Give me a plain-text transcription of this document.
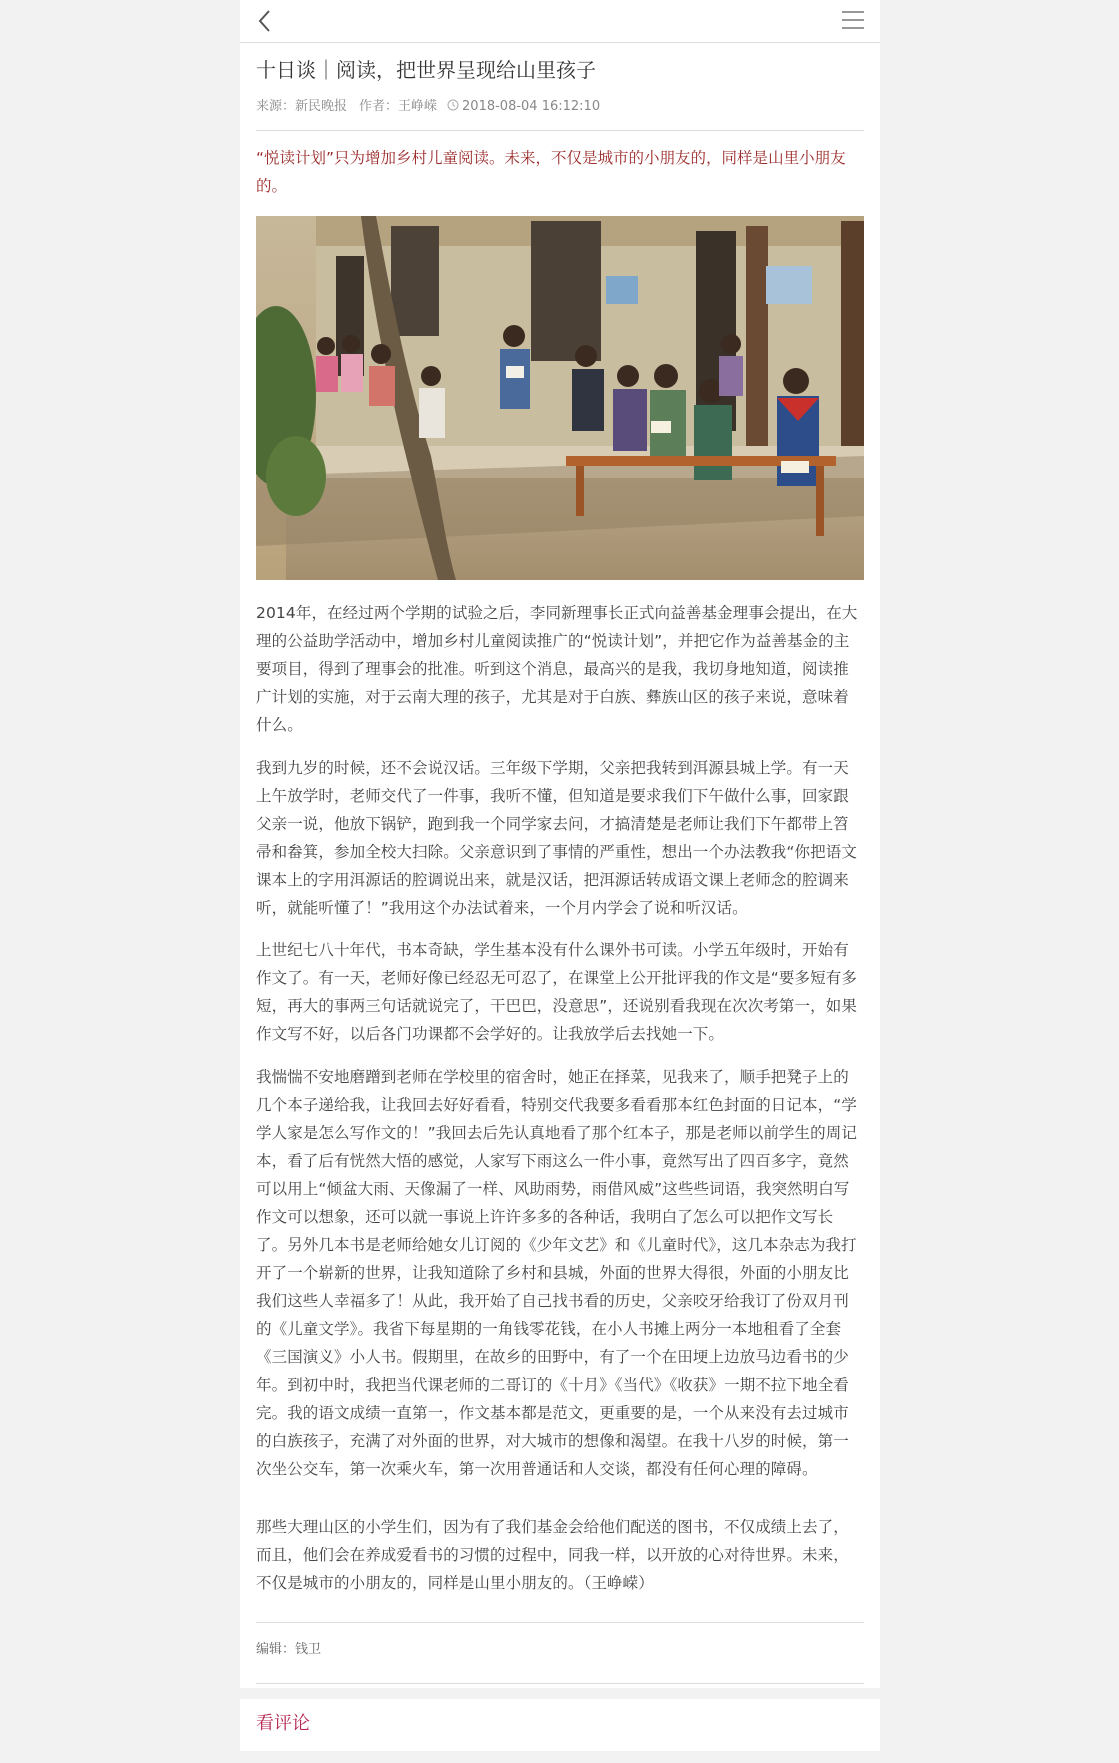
十日谈｜阅读，把世界呈现给山里孩子
来源：新民晚报 作者：王峥嵘 2018-08-04 16:12:10
“悦读计划”只为增加乡村儿童阅读。未来，不仅是城市的小朋友的，同样是山里小朋友的。
2014年，在经过两个学期的试验之后，李同新理事长正式向益善基金理事会提出，在大理的公益助学活动中，增加乡村儿童阅读推广的“悦读计划”，并把它作为益善基金的主要项目，得到了理事会的批准。听到这个消息，最高兴的是我，我切身地知道，阅读推广计划的实施，对于云南大理的孩子，尤其是对于白族、彝族山区的孩子来说，意味着什么。
我到九岁的时候，还不会说汉话。三年级下学期，父亲把我转到洱源县城上学。有一天上午放学时，老师交代了一件事，我听不懂，但知道是要求我们下午做什么事，回家跟父亲一说，他放下锅铲，跑到我一个同学家去问，才搞清楚是老师让我们下午都带上笤帚和畚箕，参加全校大扫除。父亲意识到了事情的严重性，想出一个办法教我“你把语文课本上的字用洱源话的腔调说出来，就是汉话，把洱源话转成语文课上老师念的腔调来听，就能听懂了！”我用这个办法试着来，一个月内学会了说和听汉话。
上世纪七八十年代，书本奇缺，学生基本没有什么课外书可读。小学五年级时，开始有作文了。有一天，老师好像已经忍无可忍了，在课堂上公开批评我的作文是“要多短有多短，再大的事两三句话就说完了，干巴巴，没意思”，还说别看我现在次次考第一，如果作文写不好，以后各门功课都不会学好的。让我放学后去找她一下。
我惴惴不安地磨蹭到老师在学校里的宿舍时，她正在择菜，见我来了，顺手把凳子上的几个本子递给我，让我回去好好看看，特别交代我要多看看那本红色封面的日记本，“学学人家是怎么写作文的！”我回去后先认真地看了那个红本子，那是老师以前学生的周记本，看了后有恍然大悟的感觉，人家写下雨这么一件小事，竟然写出了四百多字，竟然可以用上“倾盆大雨、天像漏了一样、风助雨势，雨借风威”这些些词语，我突然明白写作文可以想象，还可以就一事说上许许多多的各种话，我明白了怎么可以把作文写长了。另外几本书是老师给她女儿订阅的《少年文艺》和《儿童时代》，这几本杂志为我打开了一个崭新的世界，让我知道除了乡村和县城，外面的世界大得很，外面的小朋友比我们这些人幸福多了！从此，我开始了自己找书看的历史，父亲咬牙给我订了份双月刊的《儿童文学》。我省下每星期的一角钱零花钱，在小人书摊上两分一本地租看了全套《三国演义》小人书。假期里，在故乡的田野中，有了一个在田埂上边放马边看书的少年。到初中时，我把当代课老师的二哥订的《十月》《当代》《收获》一期不拉下地全看完。我的语文成绩一直第一，作文基本都是范文，更重要的是，一个从来没有去过城市的白族孩子，充满了对外面的世界，对大城市的想像和渴望。在我十八岁的时候，第一次坐公交车，第一次乘火车，第一次用普通话和人交谈，都没有任何心理的障碍。
那些大理山区的小学生们，因为有了我们基金会给他们配送的图书，不仅成绩上去了，而且，他们会在养成爱看书的习惯的过程中，同我一样，以开放的心对待世界。未来，不仅是城市的小朋友的，同样是山里小朋友的。（王峥嵘）
编辑：钱卫
看评论
